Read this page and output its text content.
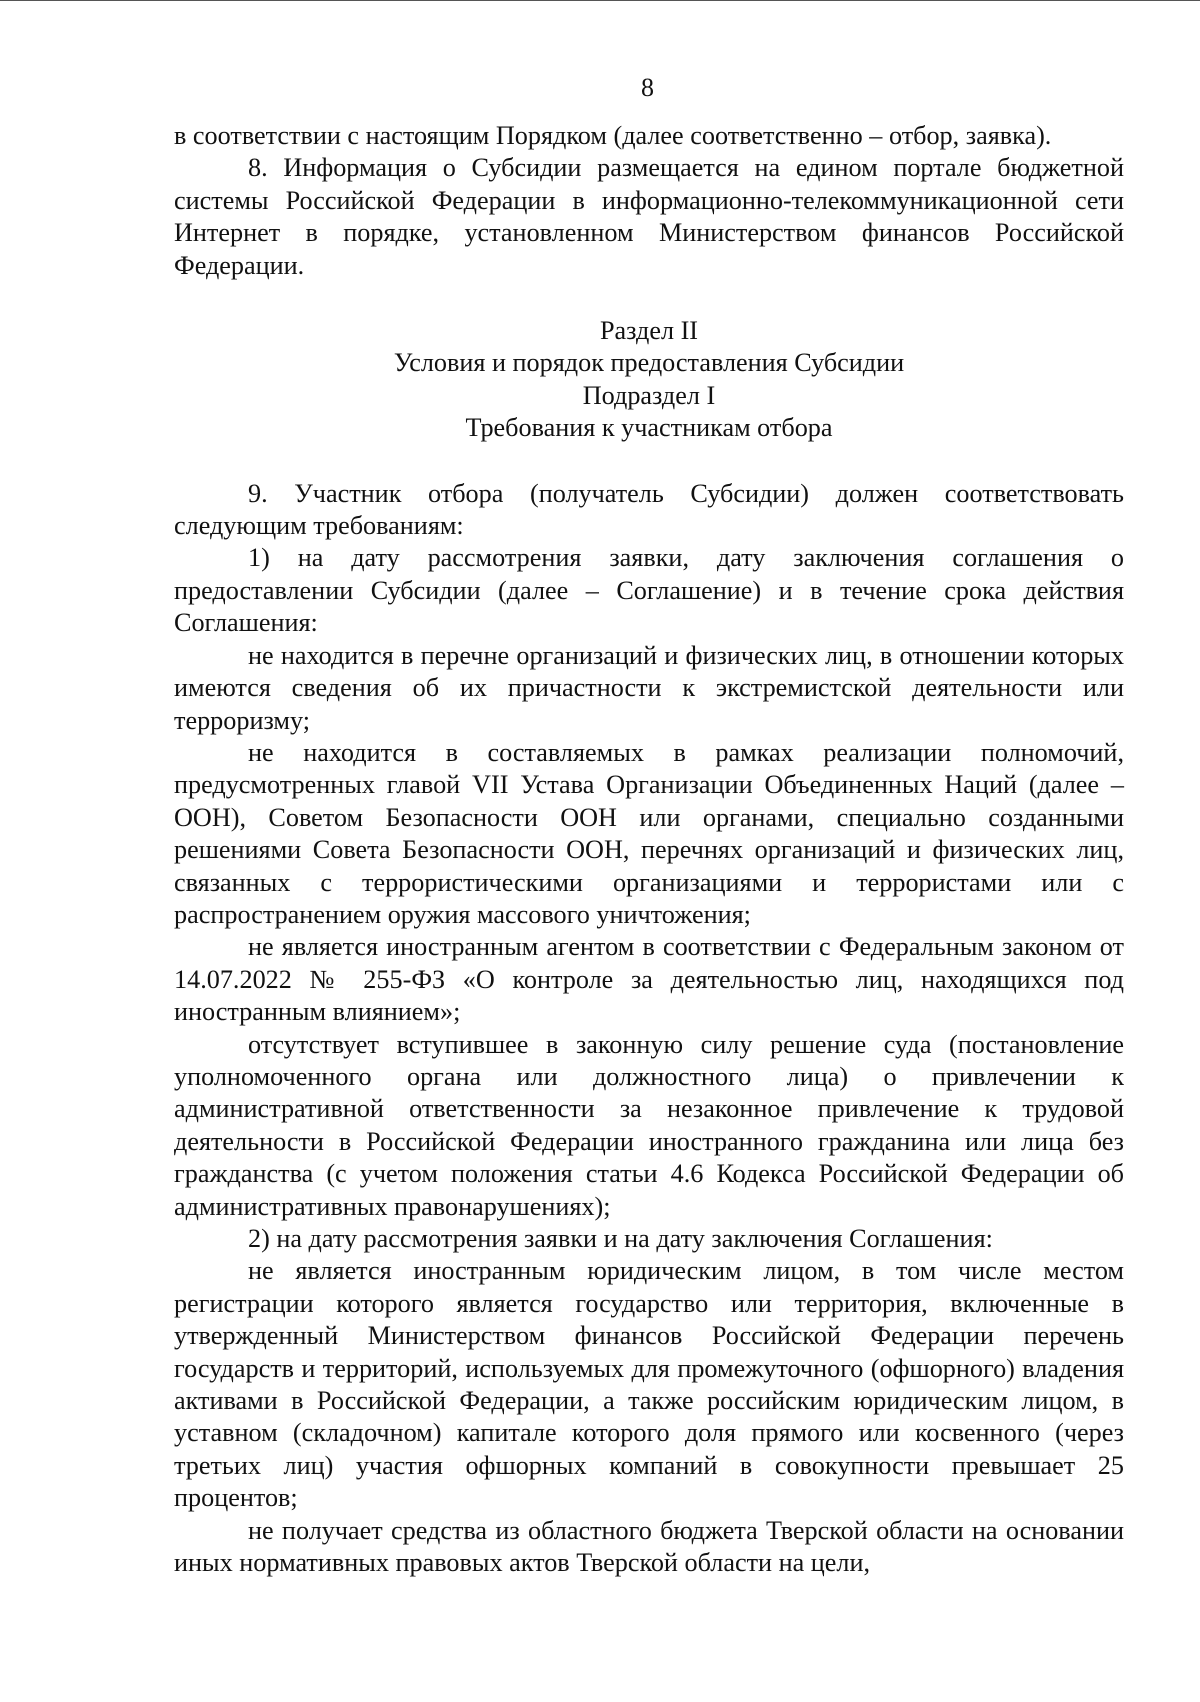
8

в соответствии с настоящим Порядком (далее соответственно – отбор, заявка).

8. Информация о Субсидии размещается на едином портале бюджетной системы Российской Федерации в информационно-телекоммуникационной сети Интернет в порядке, установленном Министерством финансов Российской Федерации.

Раздел II

Условия и порядок предоставления Субсидии

Подраздел I

Требования к участникам отбора

9. Участник отбора (получатель Субсидии) должен соответствовать следующим требованиям:

1) на дату рассмотрения заявки, дату заключения соглашения о предоставлении Субсидии (далее – Соглашение) и в течение срока действия Соглашения:

не находится в перечне организаций и физических лиц, в отношении которых имеются сведения об их причастности к экстремистской деятельности или терроризму;

не находится в составляемых в рамках реализации полномочий, предусмотренных главой VII Устава Организации Объединенных Наций (далее – ООН), Советом Безопасности ООН или органами, специально созданными решениями Совета Безопасности ООН, перечнях организаций и физических лиц, связанных с террористическими организациями и террористами или с распространением оружия массового уничтожения;

не является иностранным агентом в соответствии с Федеральным законом от 14.07.2022 № 255-ФЗ «О контроле за деятельностью лиц, находящихся под иностранным влиянием»;

отсутствует вступившее в законную силу решение суда (постановление уполномоченного органа или должностного лица) о привлечении к административной ответственности за незаконное привлечение к трудовой деятельности в Российской Федерации иностранного гражданина или лица без гражданства (с учетом положения статьи 4.6 Кодекса Российской Федерации об административных правонарушениях);

2) на дату рассмотрения заявки и на дату заключения Соглашения:

не является иностранным юридическим лицом, в том числе местом регистрации которого является государство или территория, включенные в утвержденный Министерством финансов Российской Федерации перечень государств и территорий, используемых для промежуточного (офшорного) владения активами в Российской Федерации, а также российским юридическим лицом, в уставном (складочном) капитале которого доля прямого или косвенного (через третьих лиц) участия офшорных компаний в совокупности превышает 25 процентов;

не получает средства из областного бюджета Тверской области на основании иных нормативных правовых актов Тверской области на цели,
